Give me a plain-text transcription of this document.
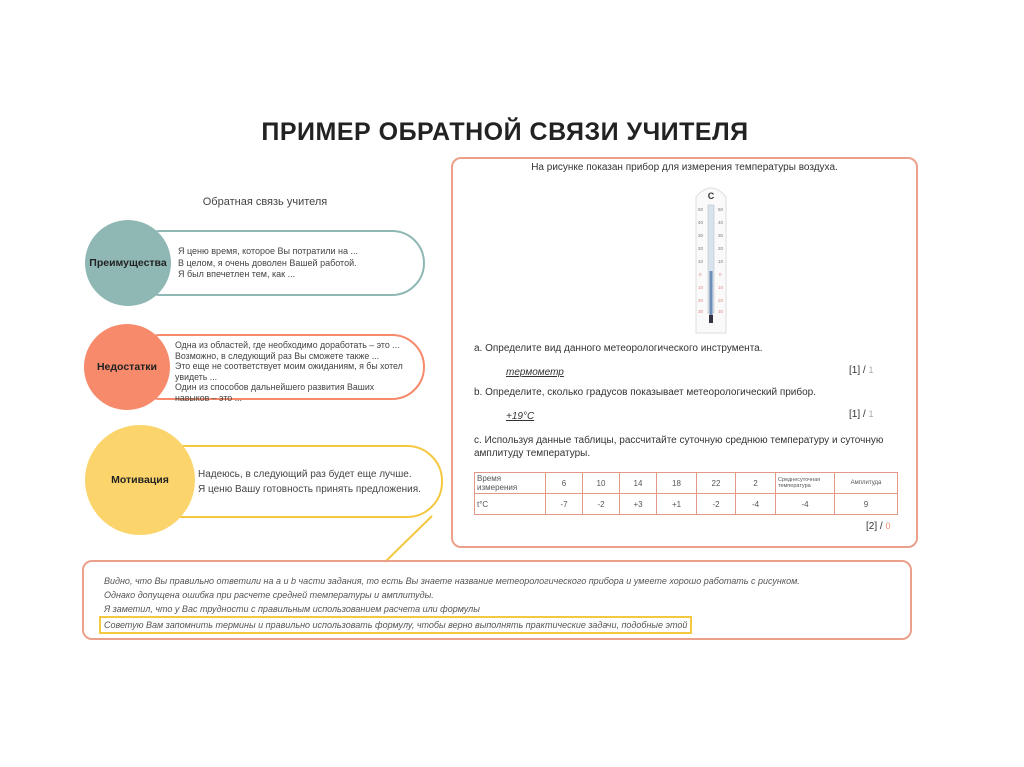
ПРИМЕР ОБРАТНОЙ СВЯЗИ УЧИТЕЛЯ
Обратная связь учителя
Я ценю время, которое Вы потратили на ...
В целом, я очень доволен Вашей работой.
Я был впечетлен тем, как ...
Преимущества
Одна из областей, где необходимо доработать – это ...
Возможно, в следующий раз Вы сможете также ...
Это еще не соответствует моим ожиданиям, я бы хотел увидеть ...
Один из способов дальнейшего развития Ваших навыков – это ...
Недостатки
Надеюсь, в следующий раз будет еще лучше.
Я ценю Вашу готовность принять предложения.
Мотивация
На рисунке показан прибор для измерения температуры воздуха.
C
50
40
30
20
10
50
40
30
20
10
0
10
20
30
0
10
20
30
a. Определите вид данного метеорологического инструмента.
термометр	[1] / 1
b. Определите, сколько градусов показывает метеорологический прибор.
+19°C	[1] / 1
c. Используя данные таблицы, рассчитайте суточную среднюю температуру и суточную амплитуду температуры.
Время измерения	6	10	14	18	22	2	Среднесуточная температура	Амплитуда
t°C	-7	-2	+3	+1	-2	-4	-4	9
[2] / 0
Видно, что Вы правильно ответили на a и b части задания, то есть Вы знаете название метеорологического прибора и умеете хорошо работать с рисунком.
Однако допущена ошибка при расчете средней температуры и амплитуды.
Я заметил, что у Вас трудности с правильным использованием расчета или формулы
Советую Вам запомнить термины и правильно использовать формулу, чтобы верно выполнять практические задачи, подобные этой
